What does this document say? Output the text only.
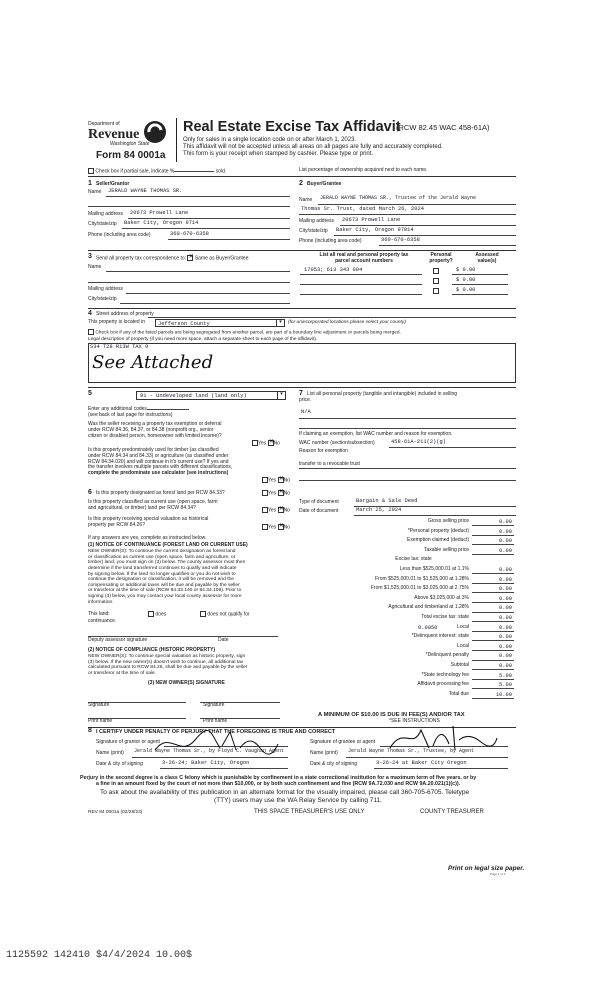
Department of
Revenue
Washington State
Form 84 0001a
Real Estate Excise Tax Affidavit
(RCW 82.45 WAC 458-61A)
Only for sales in a single location code on or after March 1, 2023.
This affidavit will not be accepted unless all areas on all pages are fully and accurately completed.
This form is your receipt when stamped by cashier. Please type or print.
Check box if partial sale, indicate %	sold.	List percentage of ownership acquired next to each name.
1 Seller/Grantor
Name JERALD WAYNE THOMAS SR.
Mailing address 20673 Prowell Lane
City/state/zip Baker City, Oregon 9714
Phone (including area code)	360-670-6358
2 Buyer/Grantee
Name JERALD WAYNE THOMAS SR., Trustee of the Jerald Wayne
Thomas Sr. Trust, dated March 26, 2024
Mailing address 20673 Prowell Lane
City/state/zip Baker City, Oregon 97814
Phone (including area code)	360-670-6358
3 Send all property tax correspondence to: ✕ Same as Buyer/Grantee
Name
Mailing address
City/state/zip
List all real and personal property tax
parcel account numbers
Personal
property?
Assessed
value(s)
17053; 613 343 004	$ 0.00
$ 0.00
$ 0.00
4 Street address of property
This property is located in Jefferson County	▾	(for unincorporated locations please select your county)
Check box if any of the listed parcels are being segregated from another parcel, are part of a boundary line adjustment or parcels being merged.
Legal description of property (if you need more space, attach a separate sheet to each page of the affidavit).
S34 T28 R13W TAX 9
See Attached
5	91 - Undeveloped land (land only)	▾
Enter any additional codes
(see back of last page for instructions)
Was the seller receiving a property tax exemption or deferral
under RCW 84.36, 84.37, or 84.38 (nonprofit org., senior
citizen or disabled person, homeowner with limited income)?
Yes ✕ No
Is this property predominately used for timber (as classified
under RCW 84.34 and 84.33) or agriculture (as classified under
RCW 84.34.020) and will continue in it's current use? If yes and
the transfer involves multiple parcels with different classifications,
complete the predominate use calculator (see instructions)
Yes ✕ No
6 Is this property designated as forest land per RCW 84.33?	Yes ✕ No
Is this property classified as current use (open space, farm
and agricultural, or timber) land per RCW 84.34?	Yes ✕ No
Is this property receiving special valuation as historical
property per RCW 84.26?	Yes ✕ No
If any answers are yes, complete as instructed below.
(1) NOTICE OF CONTINUANCE (FOREST LAND OR CURRENT USE)
NEW OWNER(S): To continue the current designation as forest land
or classification as current use (open space, farm and agriculture, or
timber) land, you must sign on (3) below. The county assessor must then
determine if the land transferred continues to qualify and will indicate
by signing below. If the land no longer qualifies or you do not wish to
continue the designation or classification, it will be removed and the
compensating or additional taxes will be due and payable by the seller
or transferor at the time of sale (RCW 84.33.140 or 84.34.108). Prior to
signing (3) below, you may contact your local county assessor for more
information.
This land:	does	does not qualify for
continuance.
Deputy assessor signature	Date
(2) NOTICE OF COMPLIANCE (HISTORIC PROPERTY)
NEW OWNER(S): To continue special valuation as historic property, sign
(3) below. If the new owner(s) doesn't wish to continue, all additional tax
calculated pursuant to RCW 84.26, shall be due and payable by the seller
or transferor at the time of sale.
(3) NEW OWNER(S) SIGNATURE
Signature	Signature
Print name	Print name
7 List all personal property (tangible and intangible) included in selling
price.
N/A
If claiming an exemption, list WAC number and reason for exemption.
WAC number (section/subsection)	458-61A-211(2)(g)
Reason for exemption
transfer to a revocable trust
Type of document	Bargain & Sale Deed
Date of document	March 25, 2024
Gross selling price	0.00
*Personal property (deduct)	0.00
Exemption claimed (deduct)	0.00
Taxable selling price	0.00
Excise tax: state
Less than $525,000.01 at 1.1%	0.00
From $525,000.01 to $1,525,000 at 1.28%	0.00
From $1,525,000.01 to $3,025,000 at 2.75%	0.00
Above $3,025,000 at 3%	0.00
Agricultural and timberland at 1.28%	0.00
Total excise tax: state	0.00
Local	0.00
*Delinquent interest: state	0.00
Local	0.00
*Delinquent penalty	0.00
Subtotal	0.00
*State technology fee	5.00
Affidavit processing fee	5.00
Total due	10.00
0.0050
A MINIMUM OF $10.00 IS DUE IN FEE(S) AND/OR TAX
*SEE INSTRUCTIONS
8 I CERTIFY UNDER PENALTY OF PERJURY THAT THE FOREGOING IS TRUE AND CORRECT
Signature of grantor or agent
Name (print) Jerald Wayne Thomas Sr., by Floyd C. Vaughan Agent
Date & city of signing	3-26-24; Baker City, Oregon
Signature of grantee or agent
Name (print) Jerald Wayne Thomas Sr., Trustee, by Agent
Date & city of signing	3-26-24 at Baker City Oregon
Perjury in the second degree is a class C felony which is punishable by confinement in a state correctional institution for a maximum term of five years, or by
a fine in an amount fixed by the court of not more than $10,000, or by both such confinement and fine (RCW 9A.72.030 and RCW 9A.20.021(1)(c)).
To ask about the availability of this publication in an alternate format for the visually impaired, please call 360-705-6705. Teletype
(TTY) users may use the WA Relay Service by calling 711.
REV 84 0001a (02/28/23)	THIS SPACE TREASURER'S USE ONLY	COUNTY TREASURER
Print on legal size paper.
Page 1 of 1
1125592 142410 $4/4/2024 10.00$
